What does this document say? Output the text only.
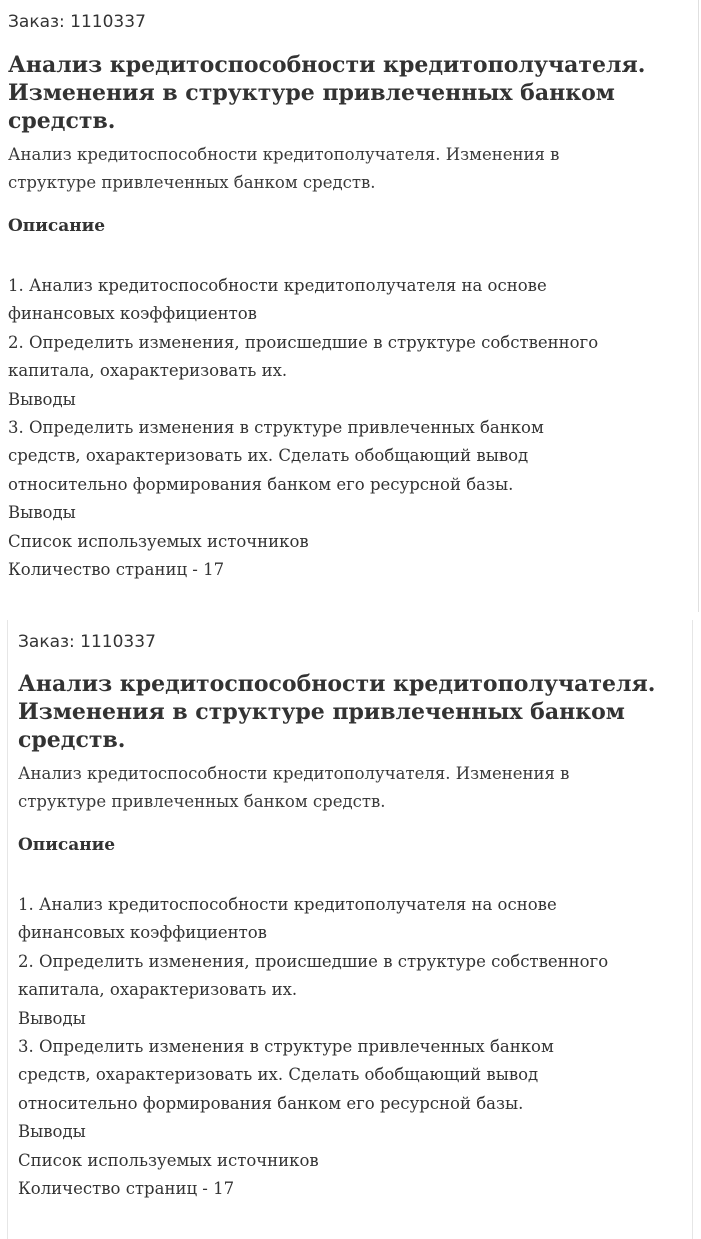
Заказ: 1110337
Анализ кредитоспособности кредитополучателя.
Изменения в структуре привлеченных банком
средств.

Анализ кредитоспособности кредитополучателя. Изменения в
структуре привлеченных банком средств.

Описание
1. Анализ кредитоспособности кредитополучателя на основе
финансовых коэффициентов
2. Определить изменения, происшедшие в структуре собственного
капитала, охарактеризовать их.
Выводы
3. Определить изменения в структуре привлеченных банком
средств, охарактеризовать их. Сделать обобщающий вывод
относительно формирования банком его ресурсной базы.
Выводы
Список используемых источников
Количество страниц - 17
Заказ: 1110337
Анализ кредитоспособности кредитополучателя.
Изменения в структуре привлеченных банком
средств.

Анализ кредитоспособности кредитополучателя. Изменения в
структуре привлеченных банком средств.

Описание
1. Анализ кредитоспособности кредитополучателя на основе
финансовых коэффициентов
2. Определить изменения, происшедшие в структуре собственного
капитала, охарактеризовать их.
Выводы
3. Определить изменения в структуре привлеченных банком
средств, охарактеризовать их. Сделать обобщающий вывод
относительно формирования банком его ресурсной базы.
Выводы
Список используемых источников
Количество страниц - 17
